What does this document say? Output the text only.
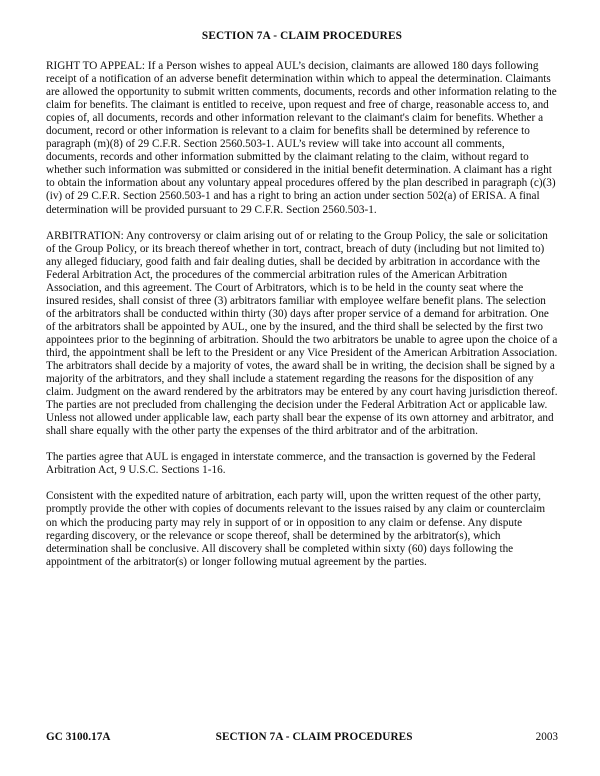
SECTION 7A - CLAIM PROCEDURES

RIGHT TO APPEAL: If a Person wishes to appeal AUL’s decision, claimants are allowed 180 days following receipt of a notification of an adverse benefit determination within which to appeal the determination. Claimants are allowed the opportunity to submit written comments, documents, records and other information relating to the claim for benefits. The claimant is entitled to receive, upon request and free of charge, reasonable access to, and copies of, all documents, records and other information relevant to the claimant's claim for benefits. Whether a document, record or other information is relevant to a claim for benefits shall be determined by reference to paragraph (m)(8) of 29 C.F.R. Section 2560.503-1. AUL’s review will take into account all comments, documents, records and other information submitted by the claimant relating to the claim, without regard to whether such information was submitted or considered in the initial benefit determination. A claimant has a right to obtain the information about any voluntary appeal procedures offered by the plan described in paragraph (c)(3)(iv) of 29 C.F.R. Section 2560.503-1 and has a right to bring an action under section 502(a) of ERISA. A final determination will be provided pursuant to 29 C.F.R. Section 2560.503-1.

ARBITRATION: Any controversy or claim arising out of or relating to the Group Policy, the sale or solicitation of the Group Policy, or its breach thereof whether in tort, contract, breach of duty (including but not limited to) any alleged fiduciary, good faith and fair dealing duties, shall be decided by arbitration in accordance with the Federal Arbitration Act, the procedures of the commercial arbitration rules of the American Arbitration Association, and this agreement. The Court of Arbitrators, which is to be held in the county seat where the insured resides, shall consist of three (3) arbitrators familiar with employee welfare benefit plans. The selection of the arbitrators shall be conducted within thirty (30) days after proper service of a demand for arbitration. One of the arbitrators shall be appointed by AUL, one by the insured, and the third shall be selected by the first two appointees prior to the beginning of arbitration. Should the two arbitrators be unable to agree upon the choice of a third, the appointment shall be left to the President or any Vice President of the American Arbitration Association. The arbitrators shall decide by a majority of votes, the award shall be in writing, the decision shall be signed by a majority of the arbitrators, and they shall include a statement regarding the reasons for the disposition of any claim. Judgment on the award rendered by the arbitrators may be entered by any court having jurisdiction thereof. The parties are not precluded from challenging the decision under the Federal Arbitration Act or applicable law. Unless not allowed under applicable law, each party shall bear the expense of its own attorney and arbitrator, and shall share equally with the other party the expenses of the third arbitrator and of the arbitration.

The parties agree that AUL is engaged in interstate commerce, and the transaction is governed by the Federal Arbitration Act, 9 U.S.C. Sections 1-16.

Consistent with the expedited nature of arbitration, each party will, upon the written request of the other party, promptly provide the other with copies of documents relevant to the issues raised by any claim or counterclaim on which the producing party may rely in support of or in opposition to any claim or defense. Any dispute regarding discovery, or the relevance or scope thereof, shall be determined by the arbitrator(s), which determination shall be conclusive. All discovery shall be completed within sixty (60) days following the appointment of the arbitrator(s) or longer following mutual agreement by the parties.

GC 3100.17A	SECTION 7A - CLAIM PROCEDURES	2003
